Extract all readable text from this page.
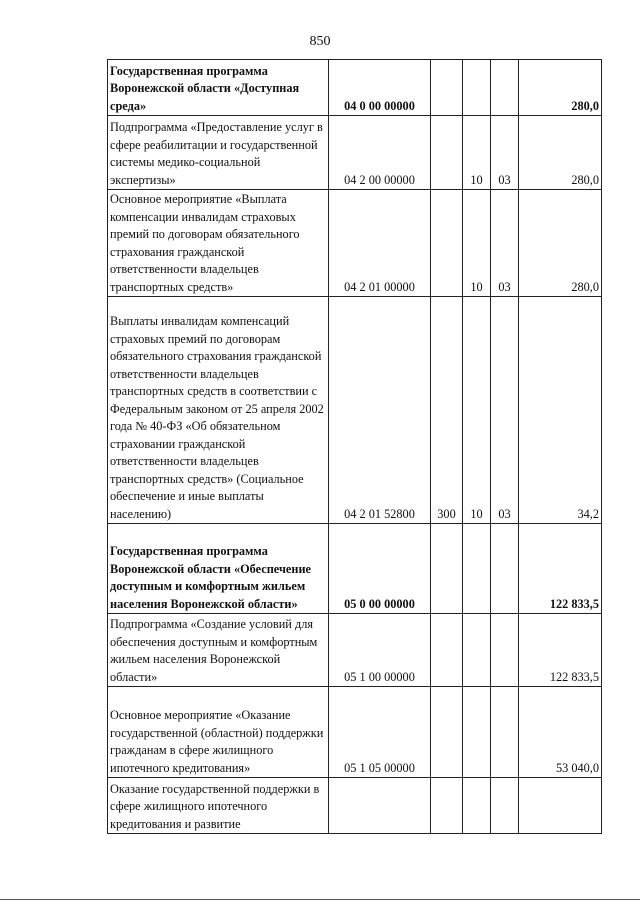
850
Государственная программа Воронежской области «Доступная среда»	04 0 00 00000				280,0
Подпрограмма «Предоставление услуг в сфере реабилитации и государственной системы медико-социальной экспертизы»	04 2 00 00000		10	03	280,0
Основное мероприятие «Выплата компенсации инвалидам страховых премий по договорам обязательного страхования гражданской ответственности владельцев транспортных средств»	04 2 01 00000		10	03	280,0
Выплаты инвалидам компенсаций страховых премий по договорам обязательного страхования гражданской ответственности владельцев транспортных средств в соответствии с Федеральным законом от 25 апреля 2002 года № 40-ФЗ «Об обязательном страховании гражданской ответственности владельцев транспортных средств» (Социальное обеспечение и иные выплаты населению)	04 2 01 52800	300	10	03	34,2
Государственная программа Воронежской области «Обеспечение доступным и комфортным жильем населения Воронежской области»	05 0 00 00000				122 833,5
Подпрограмма «Создание условий для обеспечения доступным и комфортным жильем населения Воронежской области»	05 1 00 00000				122 833,5
Основное мероприятие «Оказание государственной (областной) поддержки гражданам в сфере жилищного ипотечного кредитования»	05 1 05 00000				53 040,0
Оказание государственной поддержки в сфере жилищного ипотечного кредитования и развитие					
